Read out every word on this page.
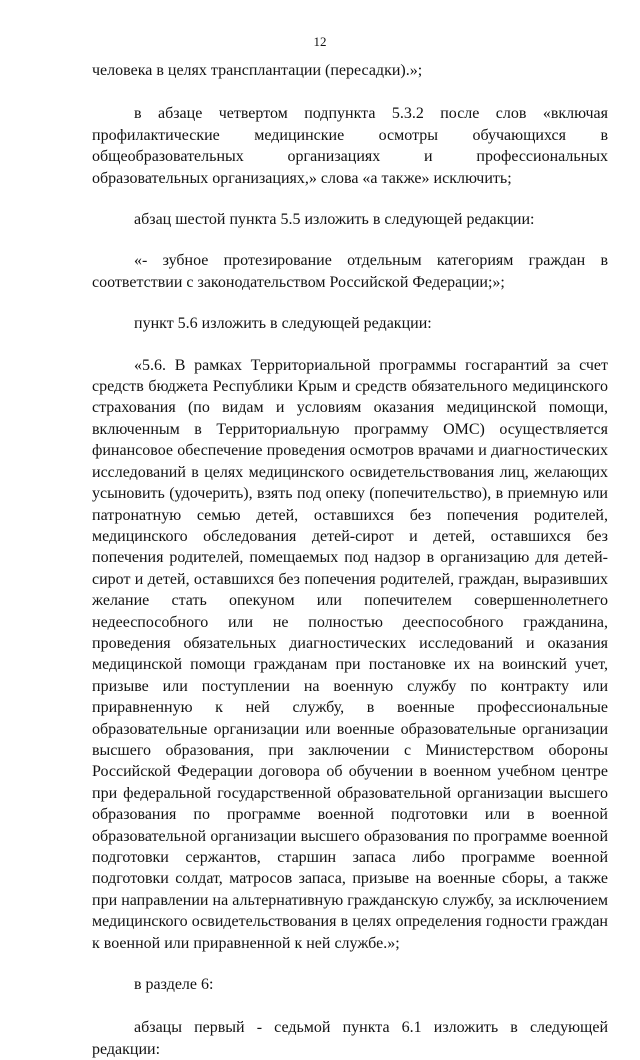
12

человека в целях трансплантации (пересадки).»;

в абзаце четвертом подпункта 5.3.2 после слов «включая профилактические медицинские осмотры обучающихся в общеобразовательных организациях и профессиональных образовательных организациях,» слова «а также» исключить;

абзац шестой пункта 5.5 изложить в следующей редакции:

«- зубное протезирование отдельным категориям граждан в соответствии с законодательством Российской Федерации;»;

пункт 5.6 изложить в следующей редакции:

«5.6. В рамках Территориальной программы госгарантий за счет средств бюджета Республики Крым и средств обязательного медицинского страхования (по видам и условиям оказания медицинской помощи, включенным в Территориальную программу ОМС) осуществляется финансовое обеспечение проведения осмотров врачами и диагностических исследований в целях медицинского освидетельствования лиц, желающих усыновить (удочерить), взять под опеку (попечительство), в приемную или патронатную семью детей, оставшихся без попечения родителей, медицинского обследования детей-сирот и детей, оставшихся без попечения родителей, помещаемых под надзор в организацию для детей-сирот и детей, оставшихся без попечения родителей, граждан, выразивших желание стать опекуном или попечителем совершеннолетнего недееспособного или не полностью дееспособного гражданина, проведения обязательных диагностических исследований и оказания медицинской помощи гражданам при постановке их на воинский учет, призыве или поступлении на военную службу по контракту или приравненную к ней службу, в военные профессиональные образовательные организации или военные образовательные организации высшего образования, при заключении с Министерством обороны Российской Федерации договора об обучении в военном учебном центре при федеральной государственной образовательной организации высшего образования по программе военной подготовки или в военной образовательной организации высшего образования по программе военной подготовки сержантов, старшин запаса либо программе военной подготовки солдат, матросов запаса, призыве на военные сборы, а также при направлении на альтернативную гражданскую службу, за исключением медицинского освидетельствования в целях определения годности граждан к военной или приравненной к ней службе.»;

в разделе 6:

абзацы первый - седьмой пункта 6.1 изложить в следующей редакции:
